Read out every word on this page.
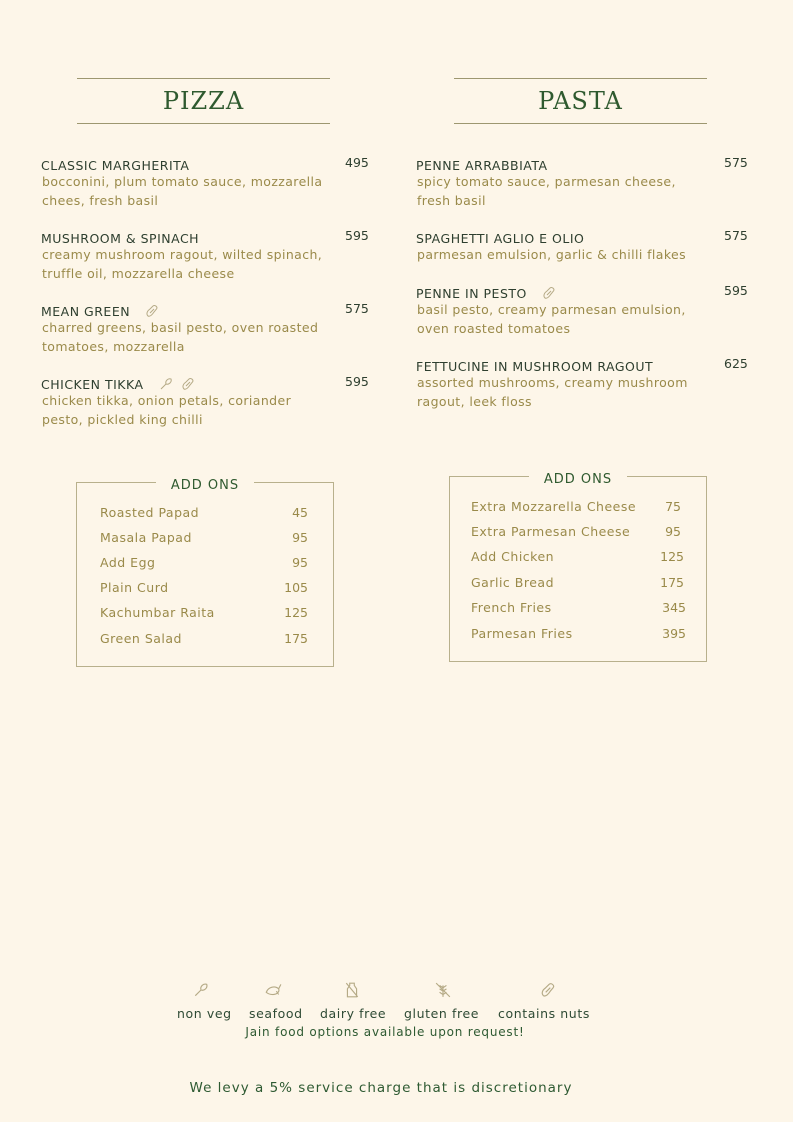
PIZZA	PASTA
CLASSIC MARGHERITA	495
bocconini, plum tomato sauce, mozzarella
chees, fresh basil
MUSHROOM & SPINACH	595
creamy mushroom ragout, wilted spinach,
truffle oil, mozzarella cheese
MEAN GREEN	575
charred greens, basil pesto, oven roasted
tomatoes, mozzarella
CHICKEN TIKKA	595
chicken tikka, onion petals, coriander
pesto, pickled king chilli
PENNE ARRABBIATA	575
spicy tomato sauce, parmesan cheese,
fresh basil
SPAGHETTI AGLIO E OLIO	575
parmesan emulsion, garlic & chilli flakes
PENNE IN PESTO	595
basil pesto, creamy parmesan emulsion,
oven roasted tomatoes
FETTUCINE IN MUSHROOM RAGOUT	625
assorted mushrooms, creamy mushroom
ragout, leek floss
ADD ONS
Roasted Papad	45
Masala Papad	95
Add Egg	95
Plain Curd	105
Kachumbar Raita	125
Green Salad	175
ADD ONS
Extra Mozzarella Cheese	75
Extra Parmesan Cheese	95
Add Chicken	125
Garlic Bread	175
French Fries	345
Parmesan Fries	395
non veg seafood dairy free gluten free contains nuts
Jain food options available upon request!
We levy a 5% service charge that is discretionary
